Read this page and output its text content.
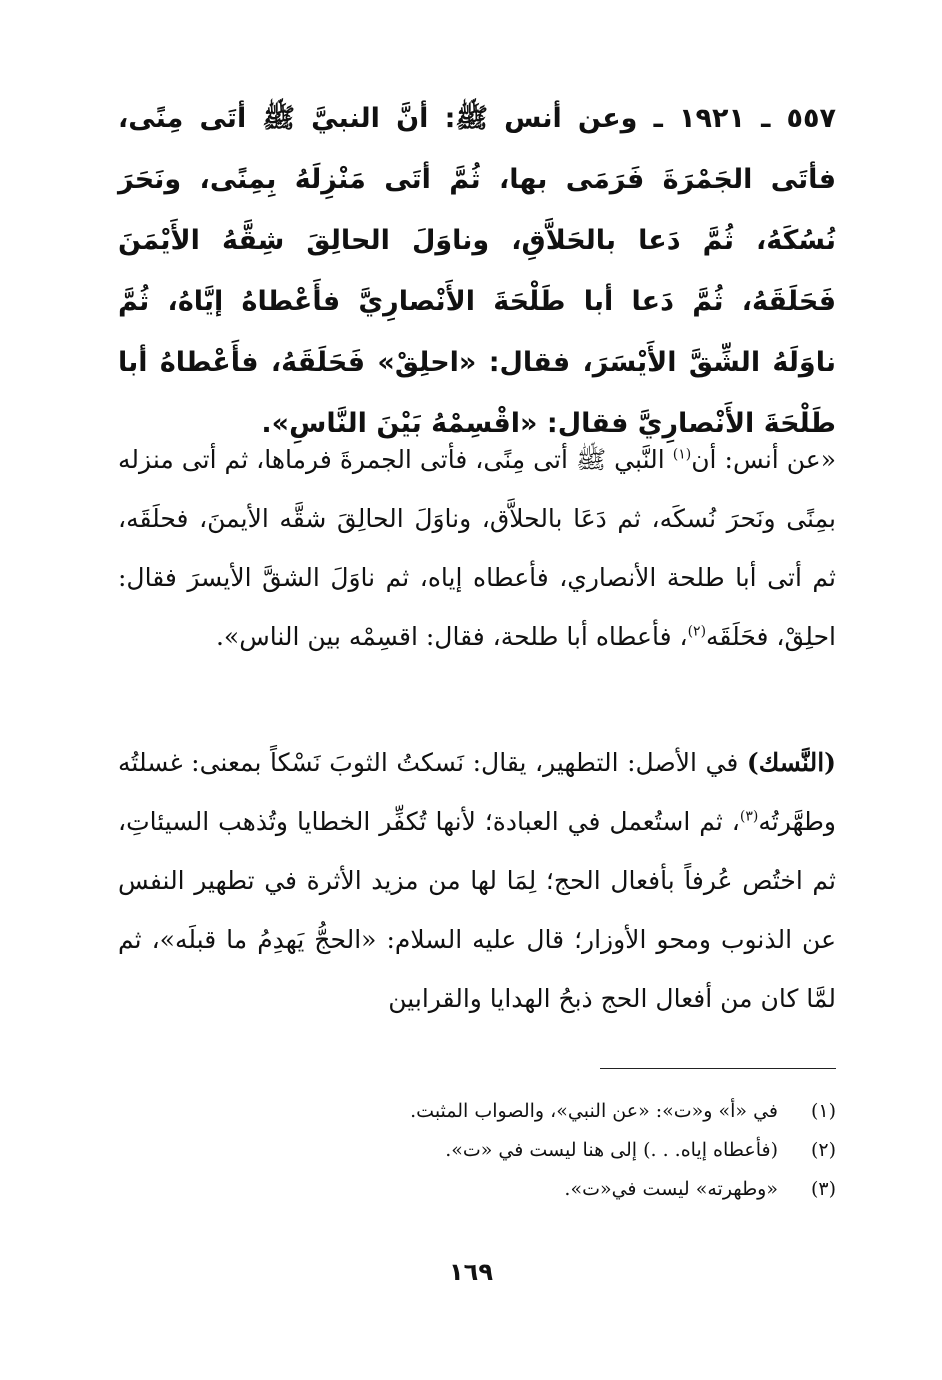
٥٥٧ ـ ١٩٢١ ـ وعن أنس ﷺ: أنَّ النبيَّ ﷺ أتَى مِنًى، فأتَى الجَمْرَةَ فَرَمَى بها، ثُمَّ أتَى مَنْزِلَهُ بِمِنًى، ونَحَرَ نُسُكَهُ، ثُمَّ دَعا بالحَلاَّقِ، وناوَلَ الحالِقَ شِقَّهُ الأَيْمَنَ فَحَلَقَهُ، ثُمَّ دَعا أبا طَلْحَةَ الأَنْصارِيَّ فأَعْطاهُ إيَّاهُ، ثُمَّ ناوَلَهُ الشِّقَّ الأَيْسَرَ، فقال: «احلِقْ» فَحَلَقَهُ، فأَعْطاهُ أبا طَلْحَةَ الأَنْصارِيَّ فقال: «اقْسِمْهُ بَيْنَ النَّاسِ».
«عن أنس: أن$^{(١)}$ النَّبي ﷺ أتى مِنًى، فأتى الجمرةَ فرماها، ثم أتى منزله بمِنًى ونَحرَ نُسكَه، ثم دَعَا بالحلاَّق، وناوَلَ الحالِقَ شقَّه الأيمنَ، فحلَقَه، ثم أتى أبا طلحة الأنصاري، فأعطاه إياه، ثم ناوَلَ الشقَّ الأيسرَ فقال: احلِقْ، فحَلَقَه$^{(٢)}$، فأعطاه أبا طلحة، فقال: اقسِمْه بين الناس».
(النَّسك) في الأصل: التطهير، يقال: نَسكتُ الثوبَ نَسْكاً بمعنى: غسلتُه وطهَّرتُه$^{(٣)}$، ثم استُعمل في العبادة؛ لأنها تُكفِّر الخطايا وتُذهب السيئاتِ، ثم اختُص عُرفاً بأفعال الحج؛ لِمَا لها من مزيد الأثرة في تطهير النفس عن الذنوب ومحو الأوزار؛ قال عليه السلام: «الحجُّ يَهدِمُ ما قبلَه»، ثم لمَّا كان من أفعال الحج ذبحُ الهدايا والقرابين
(١)في «أ» و«ت»: «عن النبي»، والصواب المثبت.
(٢)(فأعطاه إياه. . .) إلى هنا ليست في «ت».
(٣)«وطهرته» ليست في«ت».
١٦٩
